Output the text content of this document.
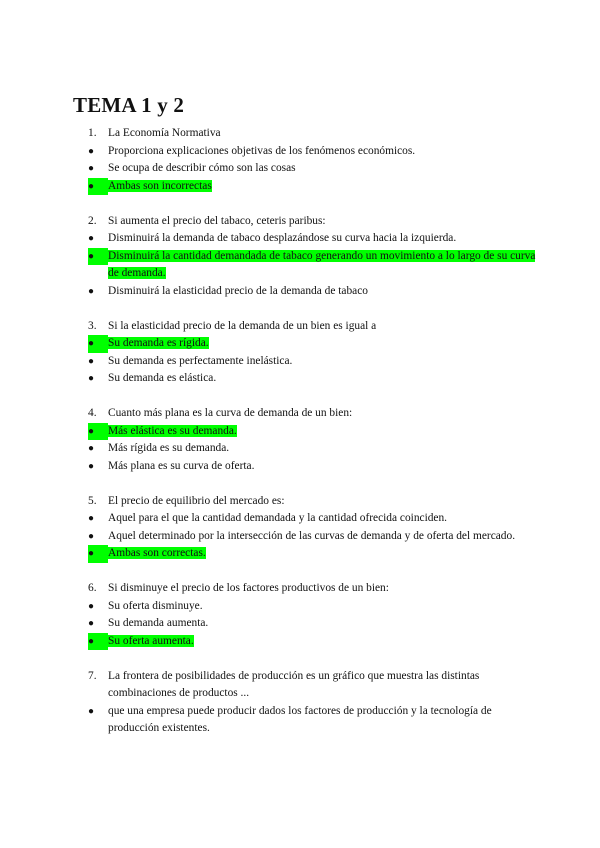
TEMA 1 y 2
1.	La Economía Normativa
●	Proporciona explicaciones objetivas de los fenómenos económicos.
●	Se ocupa de describir cómo son las cosas
●	Ambas son incorrectas
2.	Si aumenta el precio del tabaco, ceteris paribus:
●	Disminuirá la demanda de tabaco desplazándose su curva hacia la izquierda.
●	Disminuirá la cantidad demandada de tabaco generando un movimiento a lo largo de su curva de demanda.
●	Disminuirá la elasticidad precio de la demanda de tabaco
3.	Si la elasticidad precio de la demanda de un bien es igual a
●	Su demanda es rígida.
●	Su demanda es perfectamente inelástica.
●	Su demanda es elástica.
4.	Cuanto más plana es la curva de demanda de un bien:
●	Más elástica es su demanda.
●	Más rígida es su demanda.
●	Más plana es su curva de oferta.
5.	El precio de equilibrio del mercado es:
●	Aquel para el que la cantidad demandada y la cantidad ofrecida coinciden.
●	Aquel determinado por la intersección de las curvas de demanda y de oferta del mercado.
●	Ambas son correctas.
6.	Si disminuye el precio de los factores productivos de un bien:
●	Su oferta disminuye.
●	Su demanda aumenta.
●	Su oferta aumenta.
7.	La frontera de posibilidades de producción es un gráfico que muestra las distintas combinaciones de productos ...
●	que una empresa puede producir dados los factores de producción y la tecnología de producción existentes.
